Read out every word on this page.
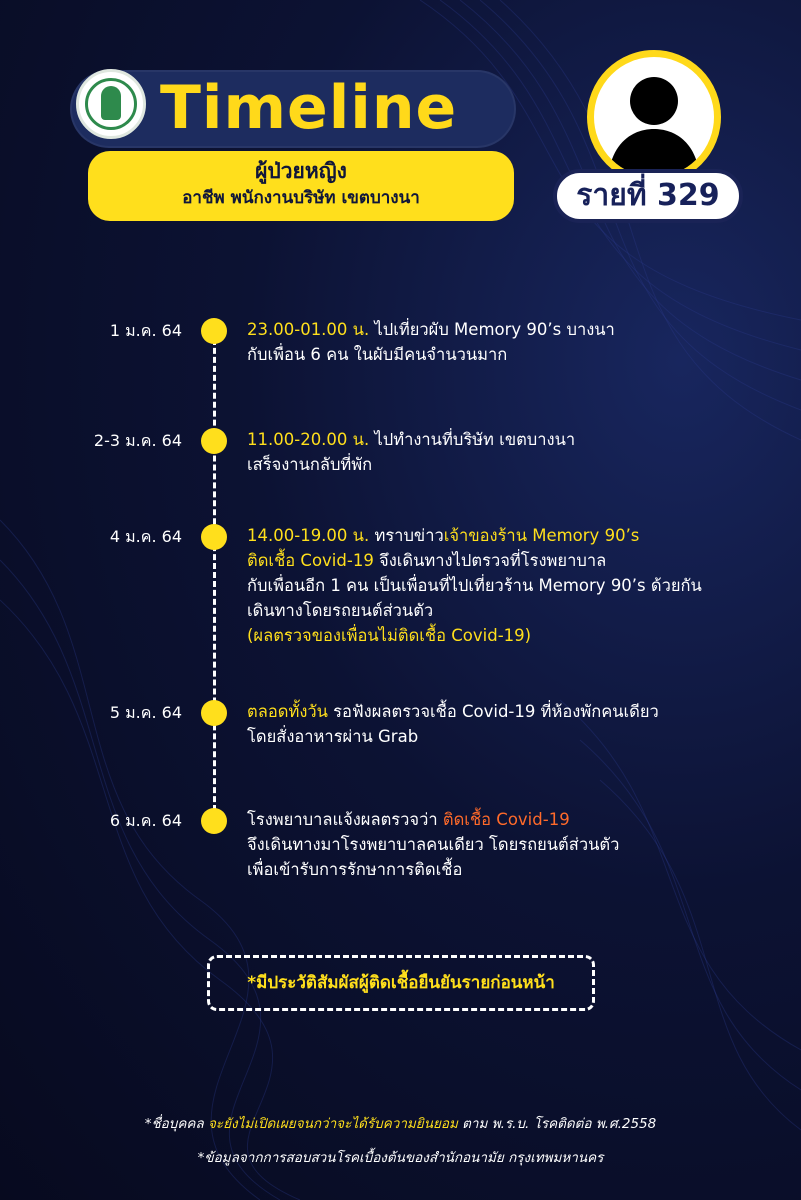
Timeline
ผู้ป่วยหญิง
อาชีพ พนักงานบริษัท เขตบางนา	รายที่ 329
1 ม.ค. 64	23.00-01.00 น. ไปเที่ยวผับ Memory 90’s บางนา
กับเพื่อน 6 คน ในผับมีคนจำนวนมาก
2-3 ม.ค. 64	11.00-20.00 น. ไปทำงานที่บริษัท เขตบางนา
เสร็จงานกลับที่พัก
4 ม.ค. 64	14.00-19.00 น. ทราบข่าวเจ้าของร้าน Memory 90’s
ติดเชื้อ Covid-19 จึงเดินทางไปตรวจที่โรงพยาบาล
กับเพื่อนอีก 1 คน เป็นเพื่อนที่ไปเที่ยวร้าน Memory 90’s ด้วยกัน
เดินทางโดยรถยนต์ส่วนตัว
(ผลตรวจของเพื่อนไม่ติดเชื้อ Covid-19)
5 ม.ค. 64	ตลอดทั้งวัน รอฟังผลตรวจเชื้อ Covid-19 ที่ห้องพักคนเดียว
โดยสั่งอาหารผ่าน Grab
6 ม.ค. 64	โรงพยาบาลแจ้งผลตรวจว่า ติดเชื้อ Covid-19
จึงเดินทางมาโรงพยาบาลคนเดียว โดยรถยนต์ส่วนตัว
เพื่อเข้ารับการรักษาการติดเชื้อ
*มีประวัติสัมผัสผู้ติดเชื้อยืนยันรายก่อนหน้า
*ชื่อบุคคล จะยังไม่เปิดเผยจนกว่าจะได้รับความยินยอม ตาม พ.ร.บ. โรคติดต่อ พ.ศ.2558
*ข้อมูลจากการสอบสวนโรคเบื้องต้นของสำนักอนามัย กรุงเทพมหานคร
